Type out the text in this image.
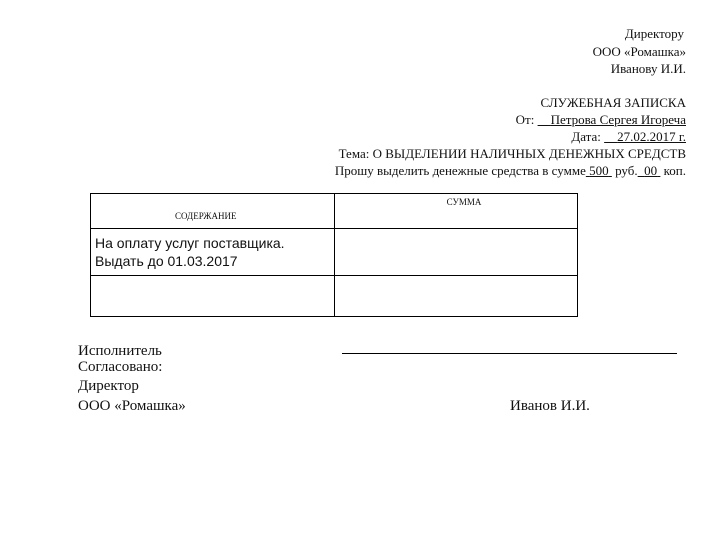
Директору
ООО «Ромашка»
Иванову И.И.
СЛУЖЕБНАЯ ЗАПИСКА
От: Петрова Сергея Игореча
Дата: 27.02.2017 г.
Тема: О ВЫДЕЛЕНИИ НАЛИЧНЫХ ДЕНЕЖНЫХ СРЕДСТВ
Прошу выделить денежные средства в сумме 500 руб. 00 коп.
СОДЕРЖАНИЕ	СУММА

На оплату услуг поставщика. Выдать до 01.03.2017	

Исполнитель
Согласовано:
Директор
ООО «Ромашка»	Иванов И.И.
